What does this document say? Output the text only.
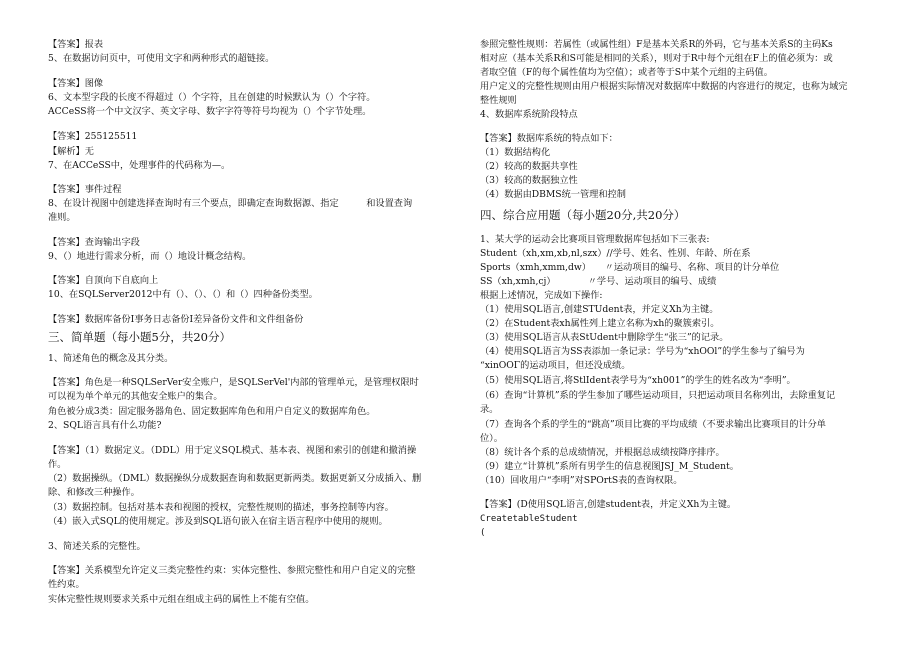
【答案】报表
5、在数据访问页中，可使用文字和两种形式的超链接。
【答案】图像
6、文本型字段的长度不得超过（）个字符，且在创建的时候默认为（）个字符。
ACCeSS将一个中文汉字、英文字母、数字字符等符号均视为（）个字节处理。
【答案】255125511
【解析】无
7、在ACCeSS中，处理事件的代码称为—。
【答案】事件过程
8、在设计视图中创建选择查询时有三个要点，即确定查询数据源、指定　　　和设置查询
准则。
【答案】查询输出字段
9、（）地进行需求分析，而（）地设计概念结构。
【答案】自顶向下自底向上
10、在SQLServer2012中有（）、（）、（）和（）四种备份类型。
【答案】数据库备份Ⅰ事务日志备份Ⅰ差异备份文件和文件组备份
三、简单题（每小题5分，共20分）
1、简述角色的概念及其分类。
【答案】角色是一种SQLSerVer安全账户，是SQLSerVel'内部的管理单元，是管理权限时
可以视为单个单元的其他安全账户的集合。
角色被分成3类：固定服务器角色、固定数据库角色和用户自定义的数据库角色。
2、SQL语言具有什么功能?
【答案】（1）数据定义。（DDL）用于定义SQL模式、基本表、视图和索引的创建和撤消操
作。
（2）数据操纵。（DML）数据操纵分成数据查询和数据更新两类。数据更新又分成插入、删
除、和修改三种操作。
（3）数据控制。包括对基本表和视图的授权，完整性规则的描述，事务控制等内容。
（4）嵌入式SQL的使用规定。涉及到SQL语句嵌入在宿主语言程序中使用的规则。
3、简述关系的完整性。
【答案】关系模型允许定义三类完整性约束：实体完整性、参照完整性和用户自定义的完整
性约束。
实体完整性规则要求关系中元组在组成主码的属性上不能有空值。
参照完整性规则：若属性（或属性组）F是基本关系R的外码，它与基本关系S的主码Ks
相对应（基本关系R和S可能是相同的关系），则对于R中每个元组在F上的值必须为：或
者取空值（F的每个属性值均为空值）；或者等于S中某个元组的主码值。
用户定义的完整性规则由用户根据实际情况对数据库中数据的内容进行的规定，也称为域完
整性规则
4、数据库系统阶段特点
【答案】数据库系统的特点如下：
（1）数据结构化
（2）较高的数据共享性
（3）较高的数据独立性
（4）数据由DBMS统一管理和控制
四、综合应用题（每小题20分,共20分）
1、某大学的运动会比赛项目管理数据库包括如下三张表:
Student（xh,xm,xb,nl,szx）//学号、姓名、性别、年龄、所在系
Sports（xmh,xmm,dw）　　〃运动项目的编号、名称、项目的计分单位
SS（xh,xmh,cj）　　　　〃学号、运动项目的编号、成绩
根据上述情况，完成如下操作:
（1）使用SQL语言,创建STUdent表，并定义Xh为主键。
（2）在Student表xh属性列上建立名称为xh的聚簇索引。
（3）使用SQL语言从表StUdent中删除学生“张三”的记录。
（4）使用SQL语言为SS表添加一条记录：学号为“xhOOl”的学生参与了编号为
“xinOOΓ的运动项目，但还没成绩。
（5）使用SQL语言,将StlIdent表学号为“xh001”的学生的姓名改为“李明”。
（6）查询“计算机”系的学生参加了哪些运动项目，只把运动项目名称列出，去除重复记
录。
（7）查询各个系的学生的“跳高”项目比赛的平均成绩（不要求输出比赛项目的计分单
位）。
（8）统计各个系的总成绩情况，并根据总成绩按降序排序。
（9）建立“计算机”系所有男学生的信息视图JSJ_M_Student。
（10）回收用户“李明”对SPOrtS表的查询权限。
【答案】(D使用SQL语言,创建student表，并定义Xh为主键。
CreatetableStudent
(
